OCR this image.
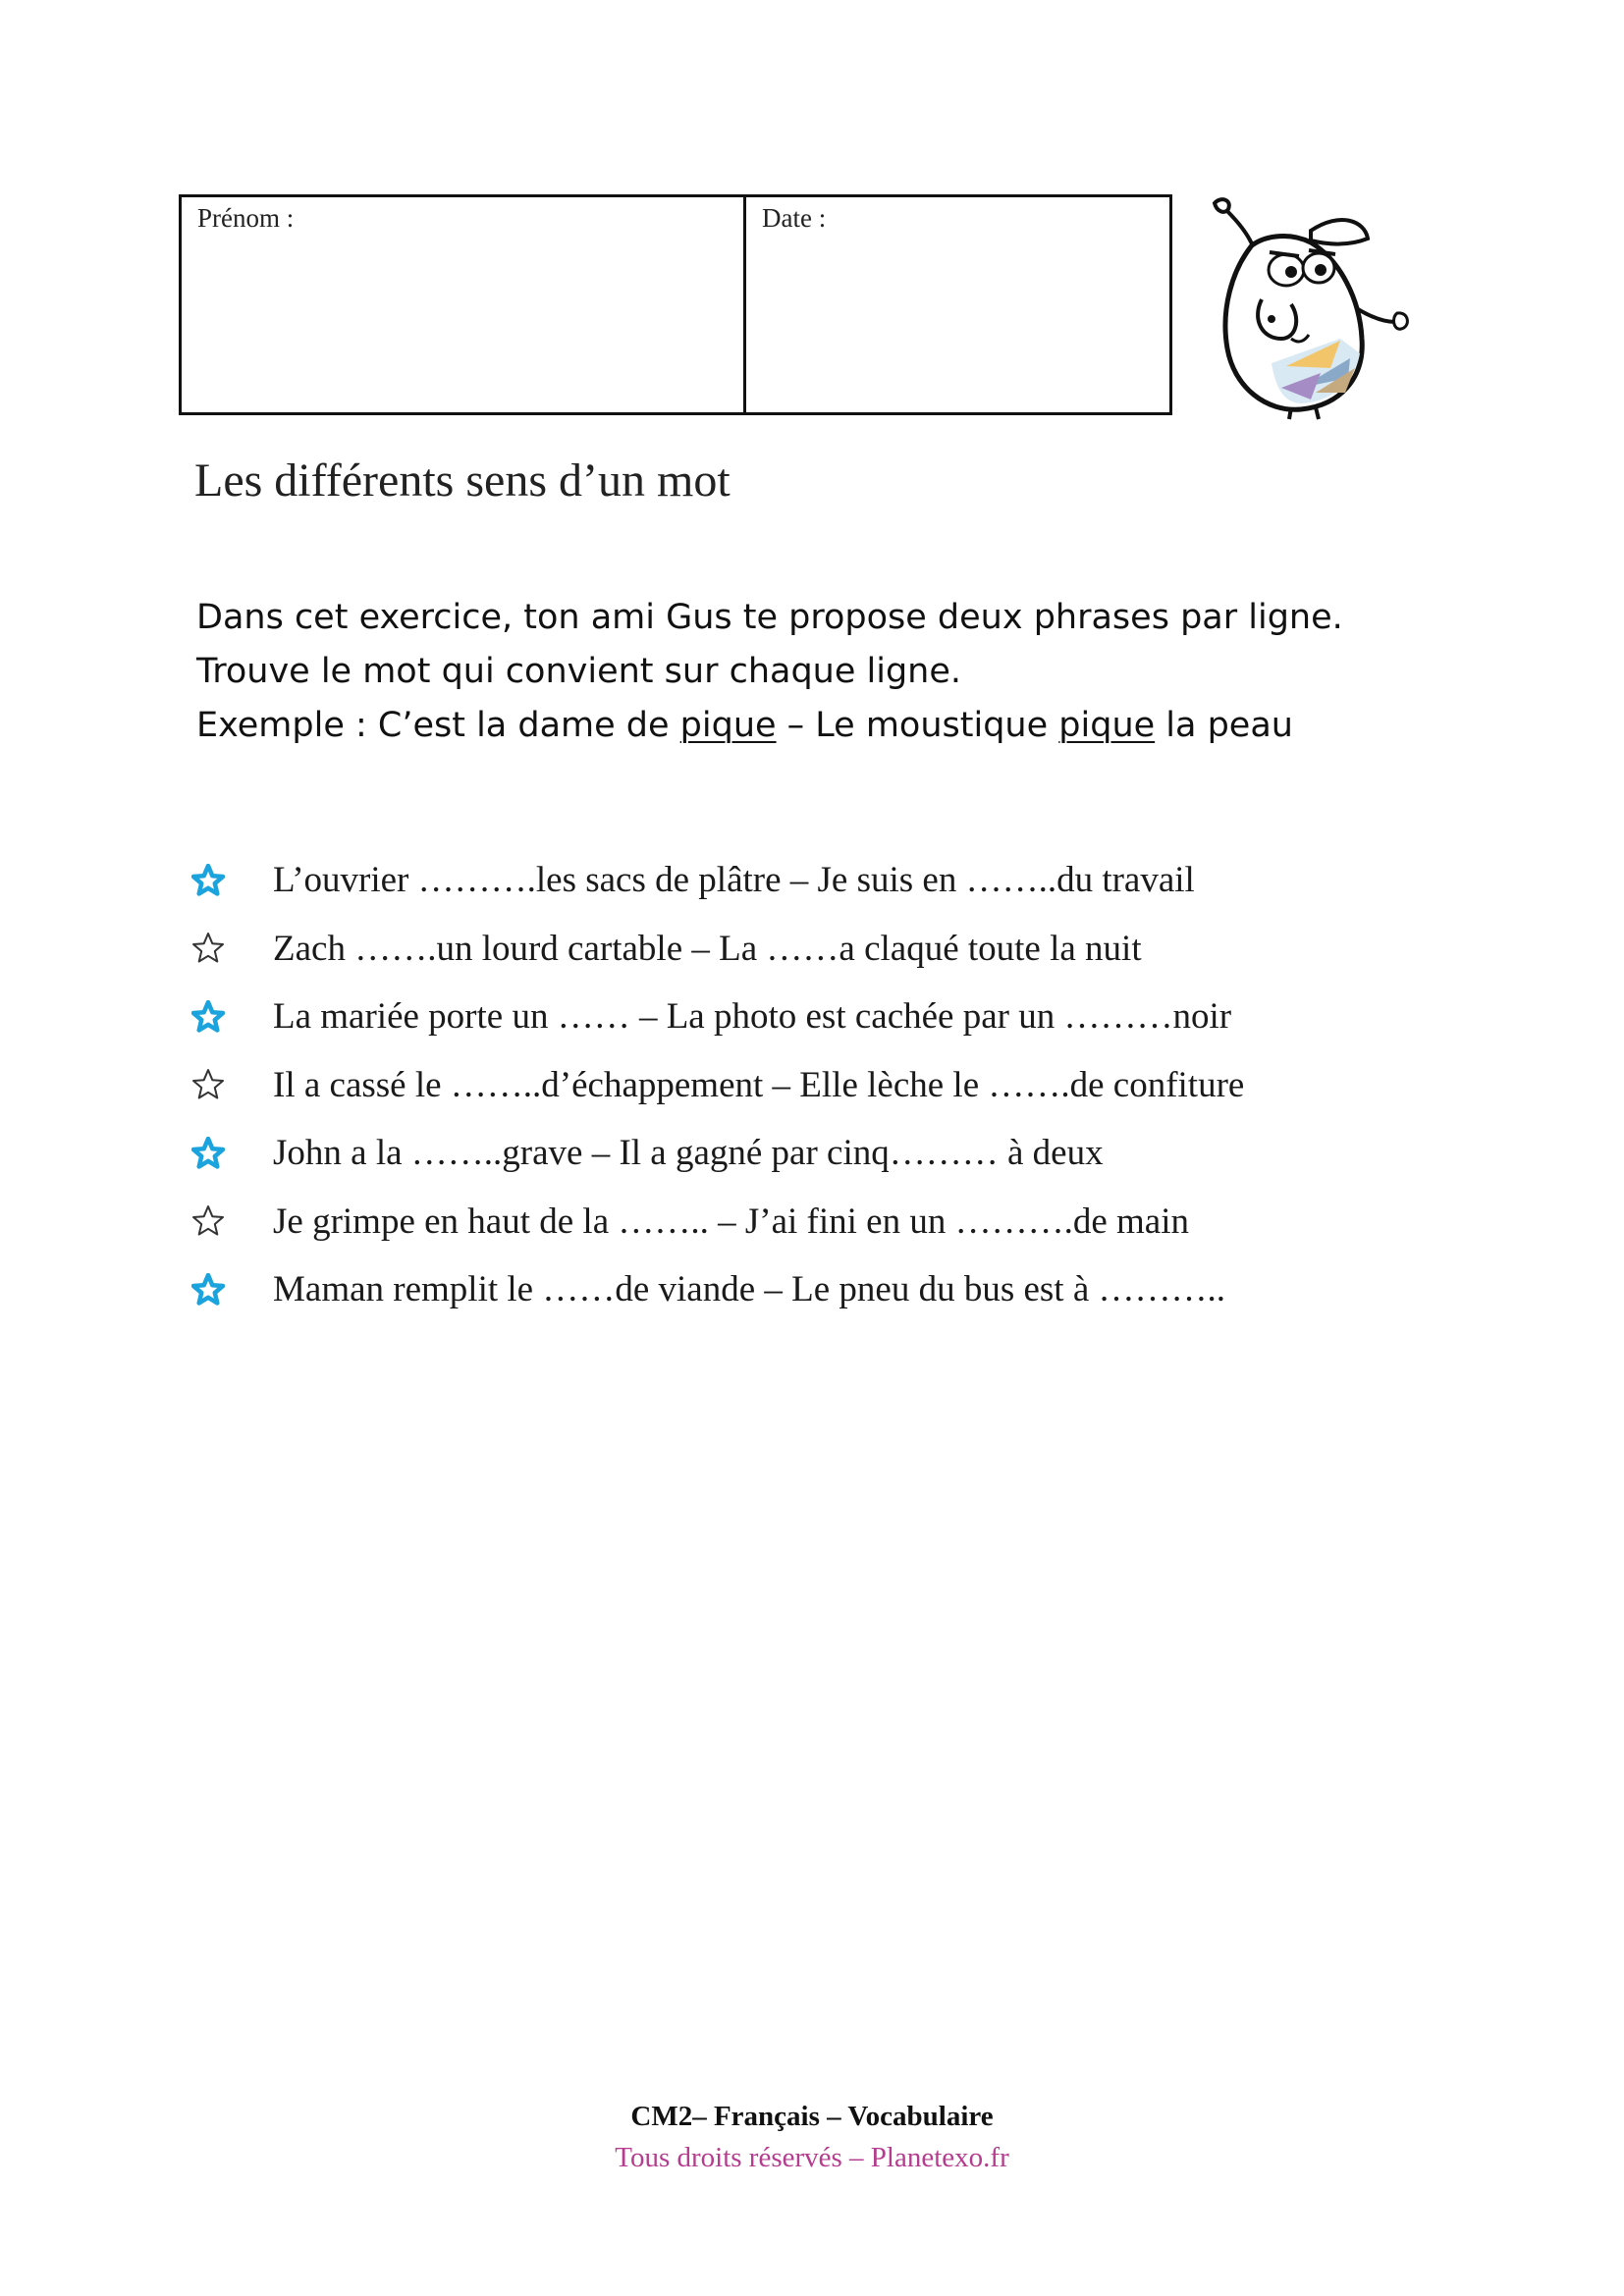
Prénom :	Date :
Les différents sens d’un mot

Dans cet exercice, ton ami Gus te propose deux phrases par ligne.

Trouve le mot qui convient sur chaque ligne.

Exemple : C’est la dame de pique – Le moustique pique la peau

L’ouvrier ……….les sacs de plâtre – Je suis en ……..du travail
Zach …….un lourd cartable – La ……a claqué toute la nuit
La mariée porte un …… – La photo est cachée par un ………noir
Il a cassé le ……..d’échappement – Elle lèche le …….de confiture
John a la ……..grave – Il a gagné par cinq……… à deux
Je grimpe en haut de la …….. – J’ai fini en un ……….de main
Maman remplit le ……de viande – Le pneu du bus est à ………..
CM2– Français – Vocabulaire
Tous droits réservés – Planetexo.fr
